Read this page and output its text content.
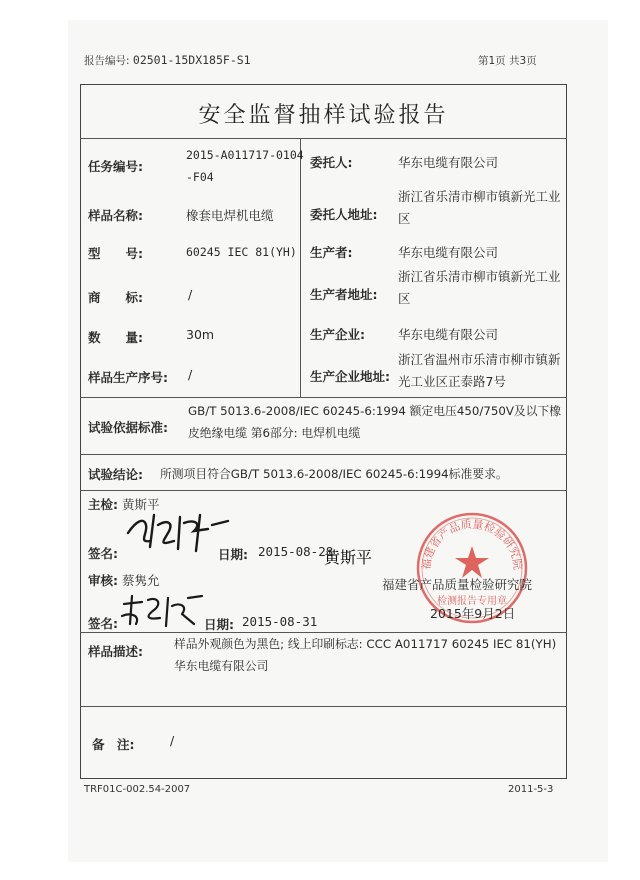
报告编号: 02501-15DX185F-S1	第1页 共3页
安全监督抽样试验报告
任务编号:
2015-A011717-0104
-F04
样品名称:	橡套电焊机电缆
型　　号:	60245 IEC 81(YH)
商　　标:	/
数　　量:	30m
样品生产序号: /
委托人:	华东电缆有限公司
委托人地址:
浙江省乐清市柳市镇新光工业区
生产者:	华东电缆有限公司
生产者地址:
浙江省乐清市柳市镇新光工业区
生产企业:	华东电缆有限公司
生产企业地址:
浙江省温州市乐清市柳市镇新光工业区正泰路7号
试验依据标准:
GB/T 5013.6-2008/IEC 60245-6:1994 额定电压450/750V及以下橡皮绝缘电缆 第6部分: 电焊机电缆
试验结论: 所测项目符合GB/T 5013.6-2008/IEC 60245-6:1994标准要求。
主检: 黄斯平
黄斯平
签名:	日期: 2015-08-28
审核: 蔡隽允
签名:	日期: 2015-08-31
福建省产品质量检验研究院
检测报告专用章
福建省产品质量检验研究院
2015年9月2日
样品描述:	样品外观颜色为黑色; 线上印刷标志: CCC A011717 60245 IEC 81(YH) 华东电缆有限公司
备　注:	/
TRF01C-002.54-2007	2011-5-3
